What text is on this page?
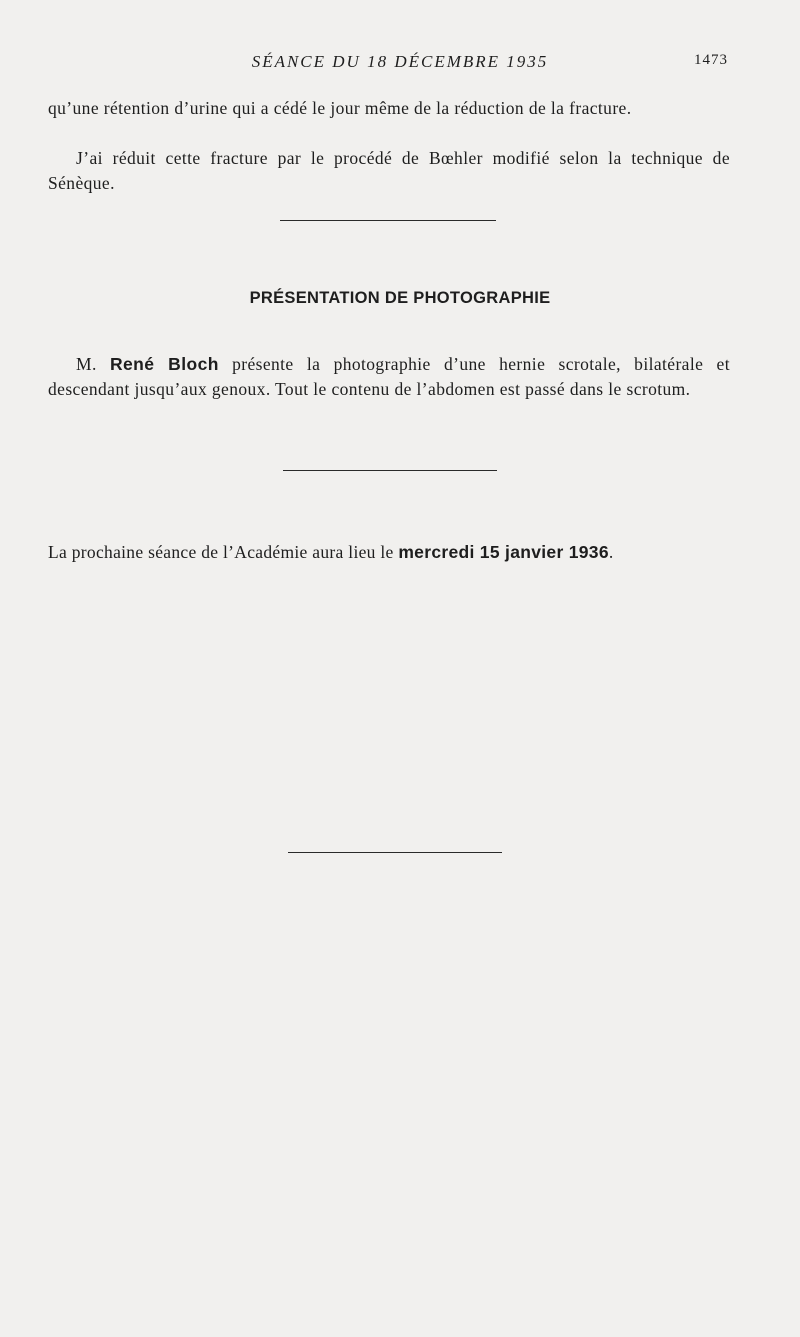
SÉANCE DU 18 DÉCEMBRE 1935	1473

qu’une rétention d’urine qui a cédé le jour même de la réduction de la fracture.

J’ai réduit cette fracture par le procédé de Bœhler modifié selon la technique de Sénèque.

PRÉSENTATION DE PHOTOGRAPHIE

M. René Bloch présente la photographie d’une hernie scrotale, bilatérale et descendant jusqu’aux genoux. Tout le contenu de l’abdomen est passé dans le scrotum.

La prochaine séance de l’Académie aura lieu le mercredi 15 janvier 1936.
